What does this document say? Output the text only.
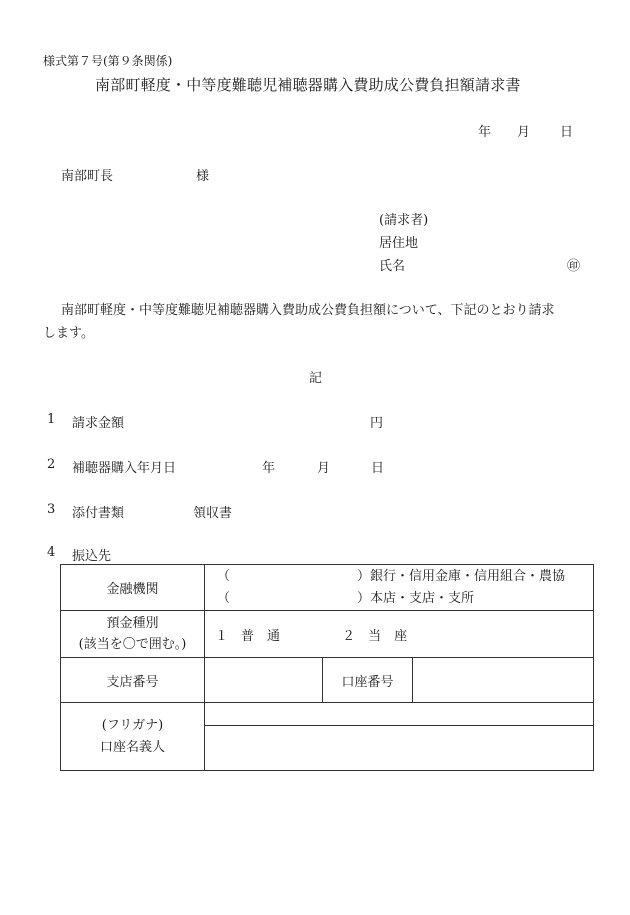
様式第７号(第９条関係)
南部町軽度・中等度難聴児補聴器購入費助成公費負担額請求書
年 月 日
南部町長	様
(請求者)
居住地
氏名	㊞
南部町軽度・中等度難聴児補聴器購入費助成公費負担額について、下記のとおり請求
します。
記
1 請求金額	円
2 補聴器購入年月日	年	月	日
3 添付書類	領収書
4 振込先
金融機関	（ ）銀行・信用金庫・信用組合・農協
（ ）本店・支店・支所		

預金種別
(該当を〇で囲む。)	１　普　通 ２　当　座		
支店番号		口座番号	

(フリガナ)
口座名義人			
